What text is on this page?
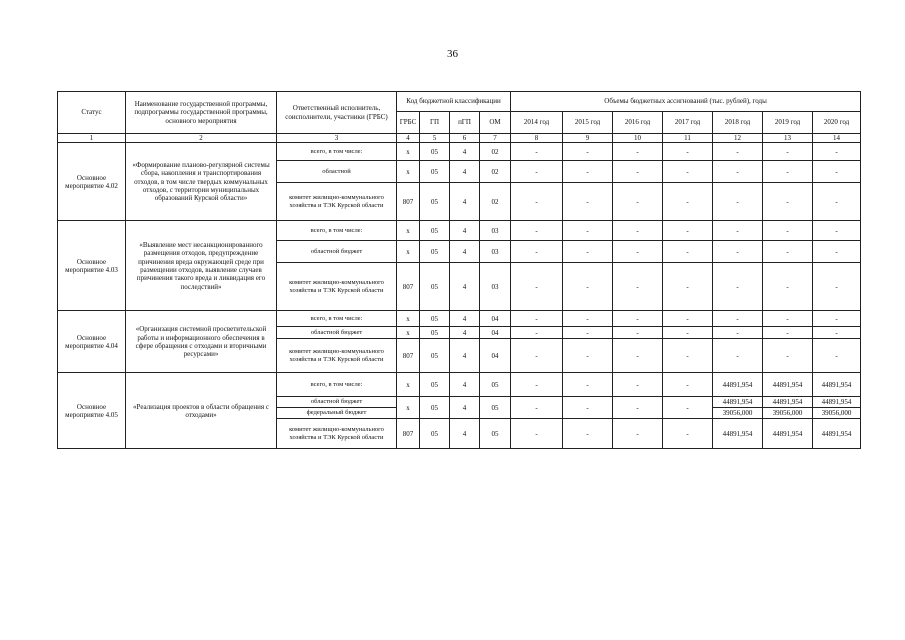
36
Статус	Наименование государственной программы, подпрограммы государственной программы, основного мероприятия	Ответственный исполнитель, соисполнители, участники (ГРБС)	Код бюджетной классификации				Объемы бюджетных ассигнований (тыс. рублей), годы						
			ГРБС	ГП	пГП	ОМ	2014 год	2015 год	2016 год	2017 год	2018 год	2019 год	2020 год
1	2	3	4	5	6	7	8	9	10	11	12	13	14
Основное мероприятие 4.02	«Формирование планово-регулярной системы сбора, накопления и транспортирования отходов, в том числе твердых коммунальных отходов, с территории муниципальных образований Курской области»	всего, в том числе:	x	05	4	02	-	-	-	-	-	-	-
		областной	x	05	4	02	-	-	-	-	-	-	-
		комитет жилищно-коммунального хозяйства и ТЭК Курской области	807	05	4	02	-	-	-	-	-	-	-
Основное мероприятие 4.03	«Выявление мест несанкционированного размещения отходов, предупреждение причинения вреда окружающей среде при размещении отходов, выявление случаев причинения такого вреда и ликвидация его последствий»	всего, в том числе:	x	05	4	03	-	-	-	-	-	-	-
		областной бюджет	x	05	4	03	-	-	-	-	-	-	-
		комитет жилищно-коммунального хозяйства и ТЭК Курской области	807	05	4	03	-	-	-	-	-	-	-
Основное мероприятие 4.04	«Организация системной просветительской работы и информационного обеспечения в сфере обращения с отходами и вторичными ресурсами»	всего, в том числе:	x	05	4	04	-	-	-	-	-	-	-
		областной бюджет	x	05	4	04	-	-	-	-	-	-	-
		комитет жилищно-коммунального хозяйства и ТЭК Курской области	807	05	4	04	-	-	-	-	-	-	-
Основное мероприятие 4.05	«Реализация проектов в области обращения с отходами»	всего, в том числе:	x	05	4	05	-	-	-	-	44891,954	44891,954	44891,954
		областной бюджет	x	05	4	05	-	-	-	-	44891,954	44891,954	44891,954
		федеральный бюджет									39056,000	39056,000	39056,000
		комитет жилищно-коммунального хозяйства и ТЭК Курской области	807	05	4	05	-	-	-	-	44891,954	44891,954	44891,954
